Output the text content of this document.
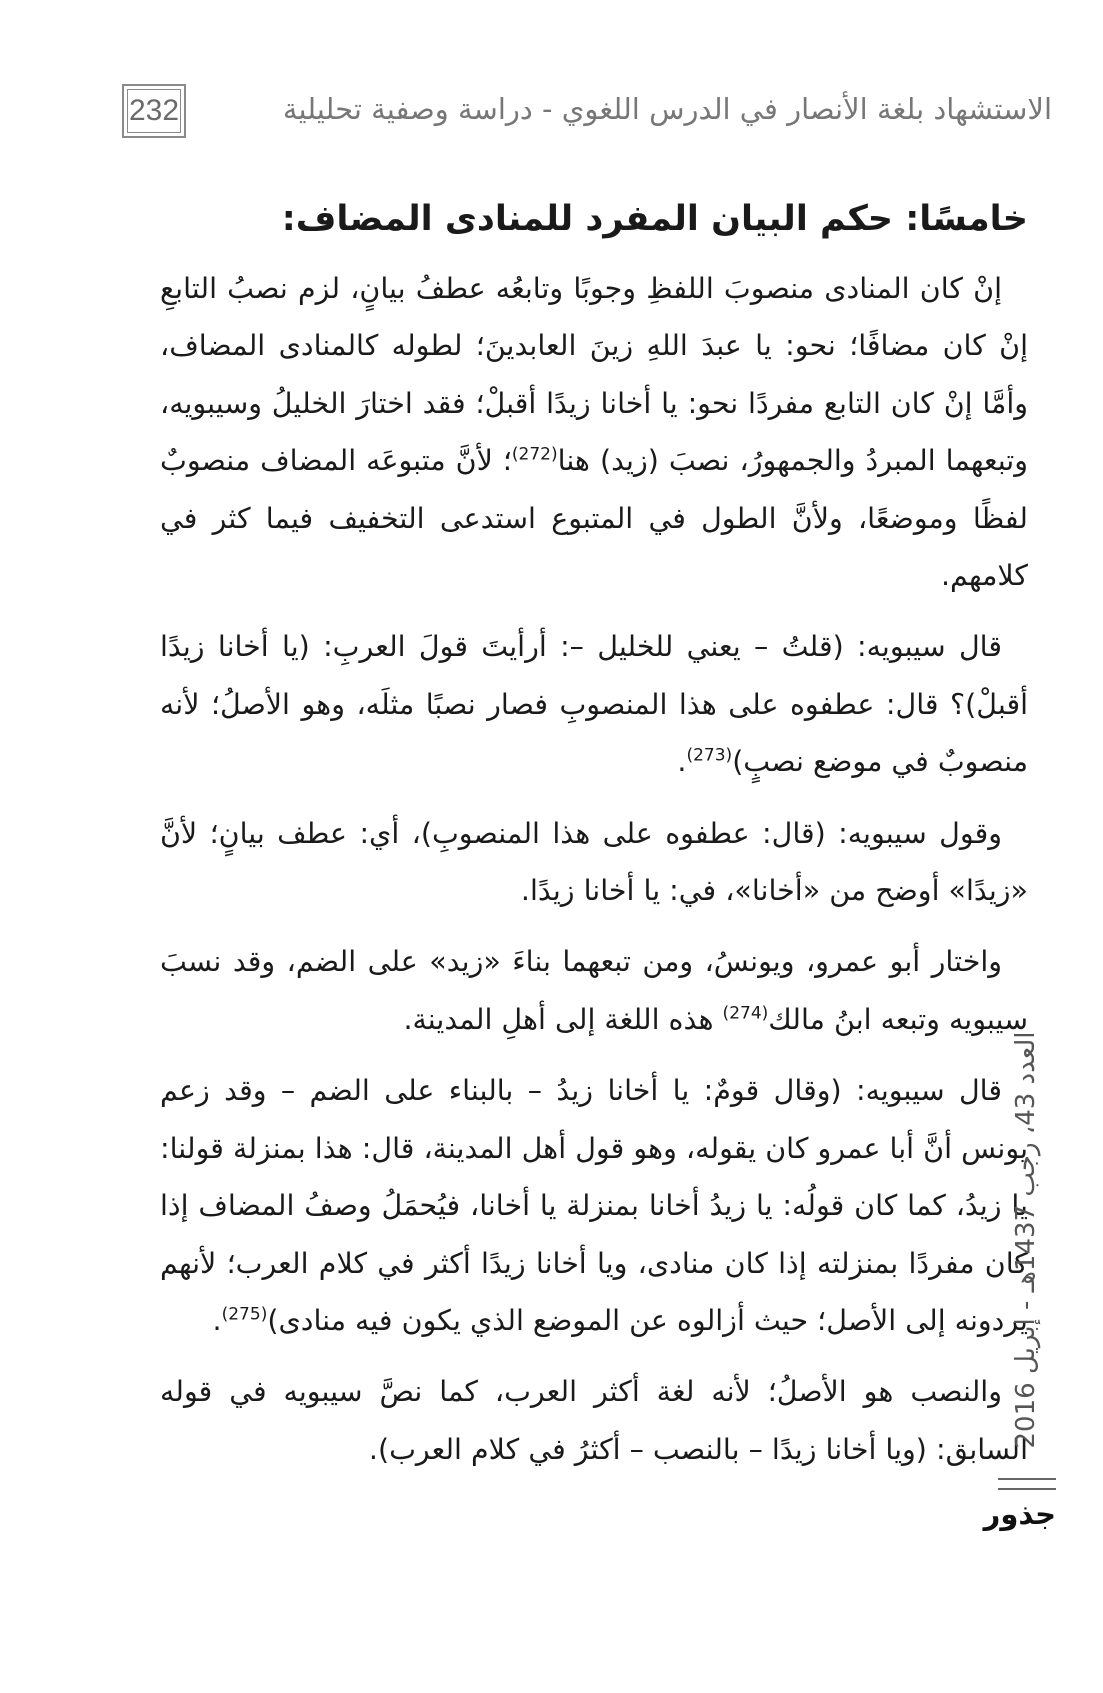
232	الاستشهاد بلغة الأنصار في الدرس اللغوي - دراسة وصفية تحليلية
خامسًا: حكم البيان المفرد للمنادى المضاف:

إنْ كان المنادى منصوبَ اللفظِ وجوبًا وتابعُه عطفُ بيانٍ، لزم نصبُ التابعِ إنْ كان مضافًا؛ نحو: يا عبدَ اللهِ زينَ العابدينَ؛ لطوله كالمنادى المضاف، وأمَّا إنْ كان التابع مفردًا نحو: يا أخانا زيدًا أقبلْ؛ فقد اختارَ الخليلُ وسيبويه، وتبعهما المبردُ والجمهورُ، نصبَ (زيد) هنا$^{(272)}$؛ لأنَّ متبوعَه المضاف منصوبٌ لفظًا وموضعًا، ولأنَّ الطول في المتبوع استدعى التخفيف فيما كثر في كلامهم.

قال سيبويه: (قلتُ – يعني للخليل –: أرأيتَ قولَ العربِ: (يا أخانا زيدًا أقبلْ)؟ قال: عطفوه على هذا المنصوبِ فصار نصبًا مثلَه، وهو الأصلُ؛ لأنه منصوبٌ في موضع نصبٍ)$^{(273)}$.

وقول سيبويه: (قال: عطفوه على هذا المنصوبِ)، أي: عطف بيانٍ؛ لأنَّ «زيدًا» أوضح من «أخانا»، في: يا أخانا زيدًا.

واختار أبو عمرو، ويونسُ، ومن تبعهما بناءَ «زيد» على الضم، وقد نسبَ سيبويه وتبعه ابنُ مالك$^{(274)}$ هذه اللغة إلى أهلِ المدينة.

قال سيبويه: (وقال قومٌ: يا أخانا زيدُ – بالبناء على الضم – وقد زعم يونس أنَّ أبا عمرو كان يقوله، وهو قول أهل المدينة، قال: هذا بمنزلة قولنا: يا زيدُ، كما كان قولُه: يا زيدُ أخانا بمنزلة يا أخانا، فيُحمَلُ وصفُ المضاف إذا كان مفردًا بمنزلته إذا كان منادى، ويا أخانا زيدًا أكثر في كلام العرب؛ لأنهم يردونه إلى الأصل؛ حيث أزالوه عن الموضع الذي يكون فيه منادى)$^{(275)}$.

والنصب هو الأصلُ؛ لأنه لغة أكثر العرب، كما نصَّ سيبويه في قوله السابق: (ويا أخانا زيدًا – بالنصب – أكثرُ في كلام العرب).

العدد 43، رجب 1437هـ - إبريل 2016
جذور
